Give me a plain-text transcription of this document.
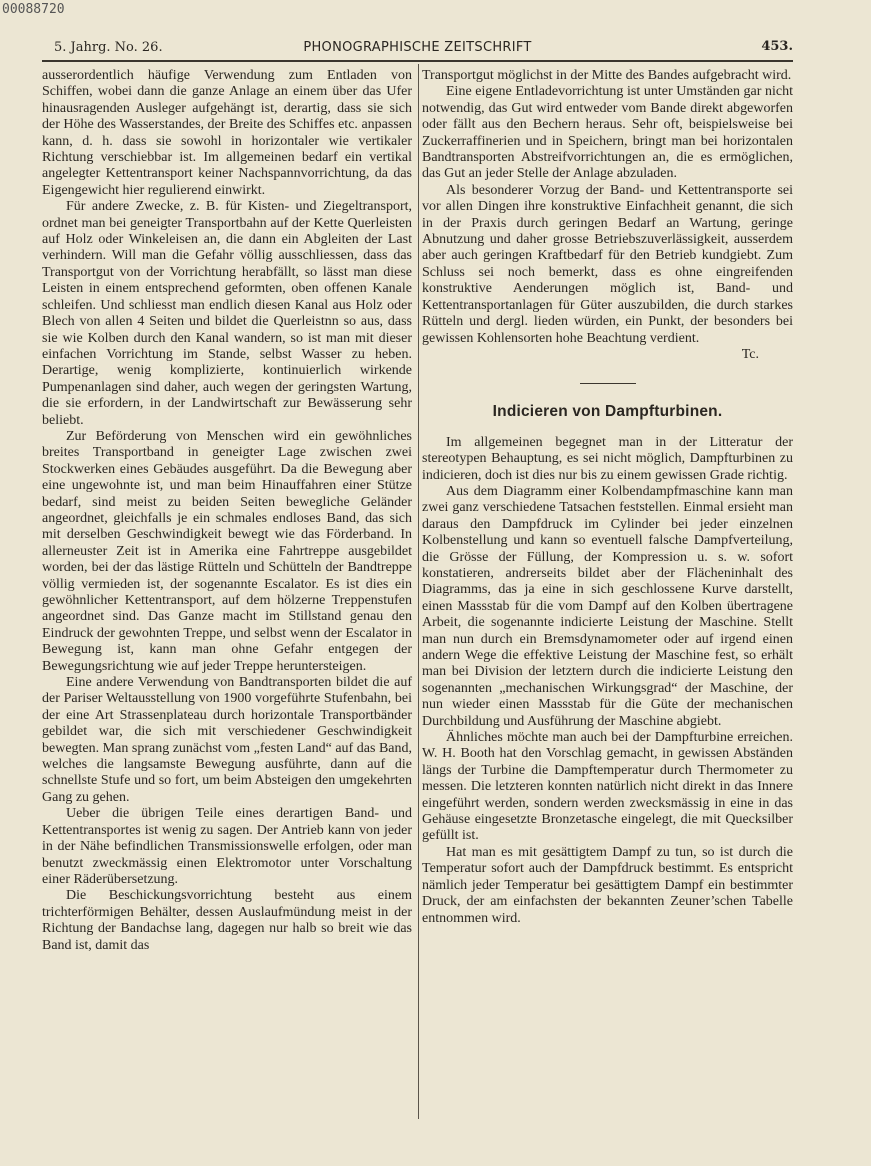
00088720
5. Jahrg. No. 26.	PHONOGRAPHISCHE ZEITSCHRIFT	453.

ausserordentlich häufige Verwendung zum Entladen von Schiffen, wobei dann die ganze Anlage an einem über das Ufer hinausragenden Ausleger aufgehängt ist, derartig, dass sie sich der Höhe des Wasserstandes, der Breite des Schiffes etc. anpassen kann, d. h. dass sie sowohl in horizontaler wie vertikaler Richtung verschiebbar ist. Im allgemeinen bedarf ein vertikal angelegter Kettentransport keiner Nachspannvorrichtung, da das Eigengewicht hier regulierend einwirkt.

Für andere Zwecke, z. B. für Kisten- und Ziegeltransport, ordnet man bei geneigter Transportbahn auf der Kette Querleisten auf Holz oder Winkeleisen an, die dann ein Abgleiten der Last verhindern. Will man die Gefahr völlig ausschliessen, dass das Transportgut von der Vorrichtung herabfällt, so lässt man diese Leisten in einem entsprechend geformten, oben offenen Kanale schleifen. Und schliesst man endlich diesen Kanal aus Holz oder Blech von allen 4 Seiten und bildet die Querleistnn so aus, dass sie wie Kolben durch den Kanal wandern, so ist man mit dieser einfachen Vorrichtung im Stande, selbst Wasser zu heben. Derartige, wenig komplizierte, kontinuierlich wirkende Pumpenanlagen sind daher, auch wegen der geringsten Wartung, die sie erfordern, in der Landwirtschaft zur Bewässerung sehr beliebt.

Zur Beförderung von Menschen wird ein gewöhnliches breites Transportband in geneigter Lage zwischen zwei Stockwerken eines Gebäudes ausgeführt. Da die Bewegung aber eine ungewohnte ist, und man beim Hinauffahren einer Stütze bedarf, sind meist zu beiden Seiten bewegliche Geländer angeordnet, gleichfalls je ein schmales endloses Band, das sich mit derselben Geschwindigkeit bewegt wie das Förderband. In allerneuster Zeit ist in Amerika eine Fahrtreppe ausgebildet worden, bei der das lästige Rütteln und Schütteln der Bandtreppe völlig vermieden ist, der sogenannte Escalator. Es ist dies ein gewöhnlicher Kettentransport, auf dem hölzerne Treppenstufen angeordnet sind. Das Ganze macht im Stillstand genau den Eindruck der gewohnten Treppe, und selbst wenn der Escalator in Bewegung ist, kann man ohne Gefahr entgegen der Bewegungsrichtung wie auf jeder Treppe heruntersteigen.

Eine andere Verwendung von Bandtransporten bildet die auf der Pariser Weltausstellung von 1900 vorgeführte Stufenbahn, bei der eine Art Strassenplateau durch horizontale Transportbänder gebildet war, die sich mit verschiedener Geschwindigkeit bewegten. Man sprang zunächst vom „festen Land“ auf das Band, welches die langsamste Bewegung ausführte, dann auf die schnellste Stufe und so fort, um beim Absteigen den umgekehrten Gang zu gehen.

Ueber die übrigen Teile eines derartigen Band- und Kettentransportes ist wenig zu sagen. Der Antrieb kann von jeder in der Nähe befindlichen Transmissionswelle erfolgen, oder man benutzt zweckmässig einen Elektromotor unter Vorschaltung einer Räderübersetzung.

Die Beschickungsvorrichtung besteht aus einem trichterförmigen Behälter, dessen Auslaufmündung meist in der Richtung der Bandachse lang, dagegen nur halb so breit wie das Band ist, damit das

Transportgut möglichst in der Mitte des Bandes aufgebracht wird.

Eine eigene Entladevorrichtung ist unter Umständen gar nicht notwendig, das Gut wird entweder vom Bande direkt abgeworfen oder fällt aus den Bechern heraus. Sehr oft, beispielsweise bei Zuckerraffinerien und in Speichern, bringt man bei horizontalen Bandtransporten Abstreifvorrichtungen an, die es ermöglichen, das Gut an jeder Stelle der Anlage abzuladen.

Als besonderer Vorzug der Band- und Kettentransporte sei vor allen Dingen ihre konstruktive Einfachheit genannt, die sich in der Praxis durch geringen Bedarf an Wartung, geringe Abnutzung und daher grosse Betriebszuverlässigkeit, ausserdem aber auch geringen Kraftbedarf für den Betrieb kundgiebt. Zum Schluss sei noch bemerkt, dass es ohne eingreifenden konstruktive Aenderungen möglich ist, Band- und Kettentransportanlagen für Güter auszubilden, die durch starkes Rütteln und dergl. lieden würden, ein Punkt, der besonders bei gewissen Kohlensorten hohe Beachtung verdient.

Tc.

Indicieren von Dampfturbinen.

Im allgemeinen begegnet man in der Litteratur der stereotypen Behauptung, es sei nicht möglich, Dampfturbinen zu indicieren, doch ist dies nur bis zu einem gewissen Grade richtig.

Aus dem Diagramm einer Kolbendampfmaschine kann man zwei ganz verschiedene Tatsachen feststellen. Einmal ersieht man daraus den Dampfdruck im Cylinder bei jeder einzelnen Kolbenstellung und kann so eventuell falsche Dampfverteilung, die Grösse der Füllung, der Kompression u. s. w. sofort konstatieren, andrerseits bildet aber der Flächeninhalt des Diagramms, das ja eine in sich geschlossene Kurve darstellt, einen Massstab für die vom Dampf auf den Kolben übertragene Arbeit, die sogenannte indicierte Leistung der Maschine. Stellt man nun durch ein Bremsdynamometer oder auf irgend einen andern Wege die effektive Leistung der Maschine fest, so erhält man bei Division der letztern durch die indicierte Leistung den sogenannten „mechanischen Wirkungsgrad“ der Maschine, der nun wieder einen Massstab für die Güte der mechanischen Durchbildung und Ausführung der Maschine abgiebt.

Ähnliches möchte man auch bei der Dampfturbine erreichen. W. H. Booth hat den Vorschlag gemacht, in gewissen Abständen längs der Turbine die Dampftemperatur durch Thermometer zu messen. Die letzteren konnten natürlich nicht direkt in das Innere eingeführt werden, sondern werden zwecksmässig in eine in das Gehäuse eingesetzte Bronzetasche eingelegt, die mit Quecksilber gefüllt ist.

Hat man es mit gesättigtem Dampf zu tun, so ist durch die Temperatur sofort auch der Dampfdruck bestimmt. Es entspricht nämlich jeder Temperatur bei gesättigtem Dampf ein bestimmter Druck, der am einfachsten der bekannten Zeuner’schen Tabelle entnommen wird.
